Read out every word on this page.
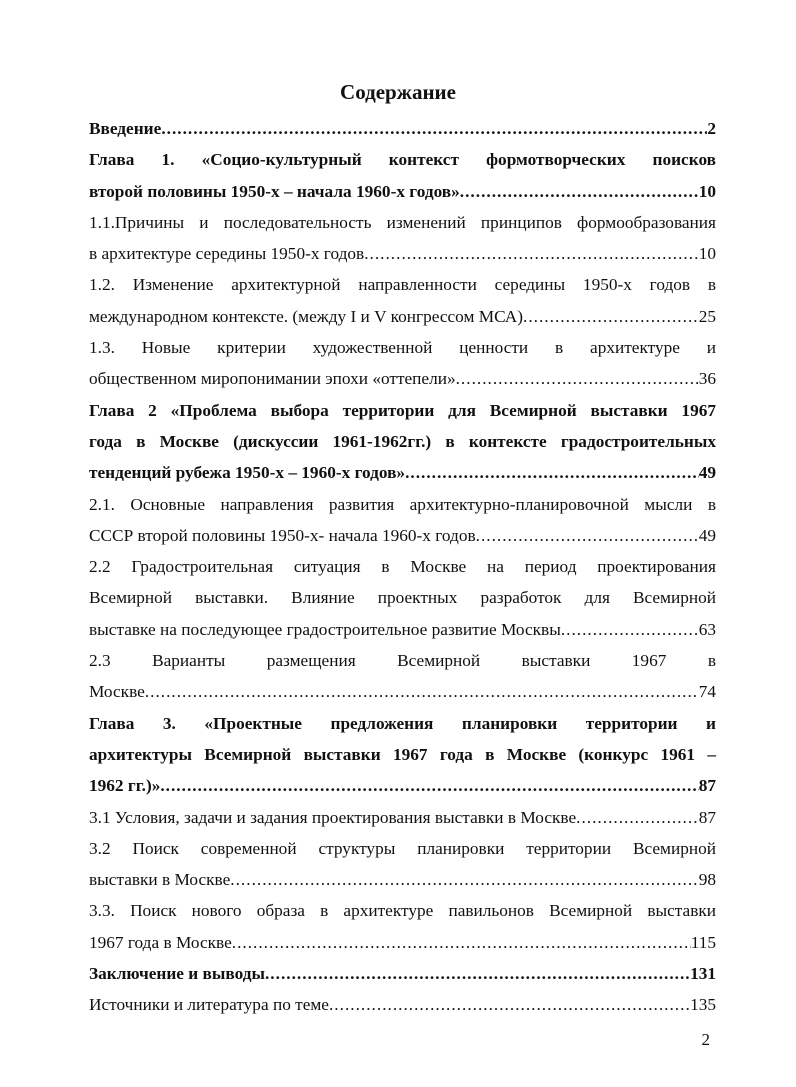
Содержание
Введение .....	2
Глава 1. «Социо-культурный контекст формотворческих поисков
второй половины 1950-х – начала 1960-х годов» .....	10
1.1.Причины и последовательность изменений принципов формообразования
в архитектуре середины 1950-х годов .....	10
1.2. Изменение архитектурной направленности середины 1950-х годов в
международном контексте. (между I и V конгрессом МСА) .....	25
1.3. Новые критерии художественной ценности в архитектуре и
общественном миропонимании эпохи «оттепели» .....	36
Глава 2 «Проблема выбора территории для Всемирной выставки 1967
года в Москве (дискуссии 1961-1962гг.) в контексте градостроительных
тенденций рубежа 1950-х – 1960-х годов» .....	49
2.1. Основные направления развития архитектурно-планировочной мысли в
СССР второй половины 1950-х- начала 1960-х годов .....	49
2.2 Градостроительная ситуация в Москве на период проектирования
Всемирной выставки. Влияние проектных разработок для Всемирной
выставке на последующее градостроительное развитие Москвы .....	63
2.3 Варианты размещения Всемирной выставки 1967 в
Москве .....	74
Глава 3. «Проектные предложения планировки территории и
архитектуры Всемирной выставки 1967 года в Москве (конкурс 1961 –
1962 гг.)» .....	87
3.1 Условия, задачи и задания проектирования выставки в Москве .....	87
3.2 Поиск современной структуры планировки территории Всемирной
выставки в Москве .....	98
3.3. Поиск нового образа в архитектуре павильонов Всемирной выставки
1967 года в Москве .....	115
Заключение и выводы .....	131
Источники и литература по теме .....	135
2
